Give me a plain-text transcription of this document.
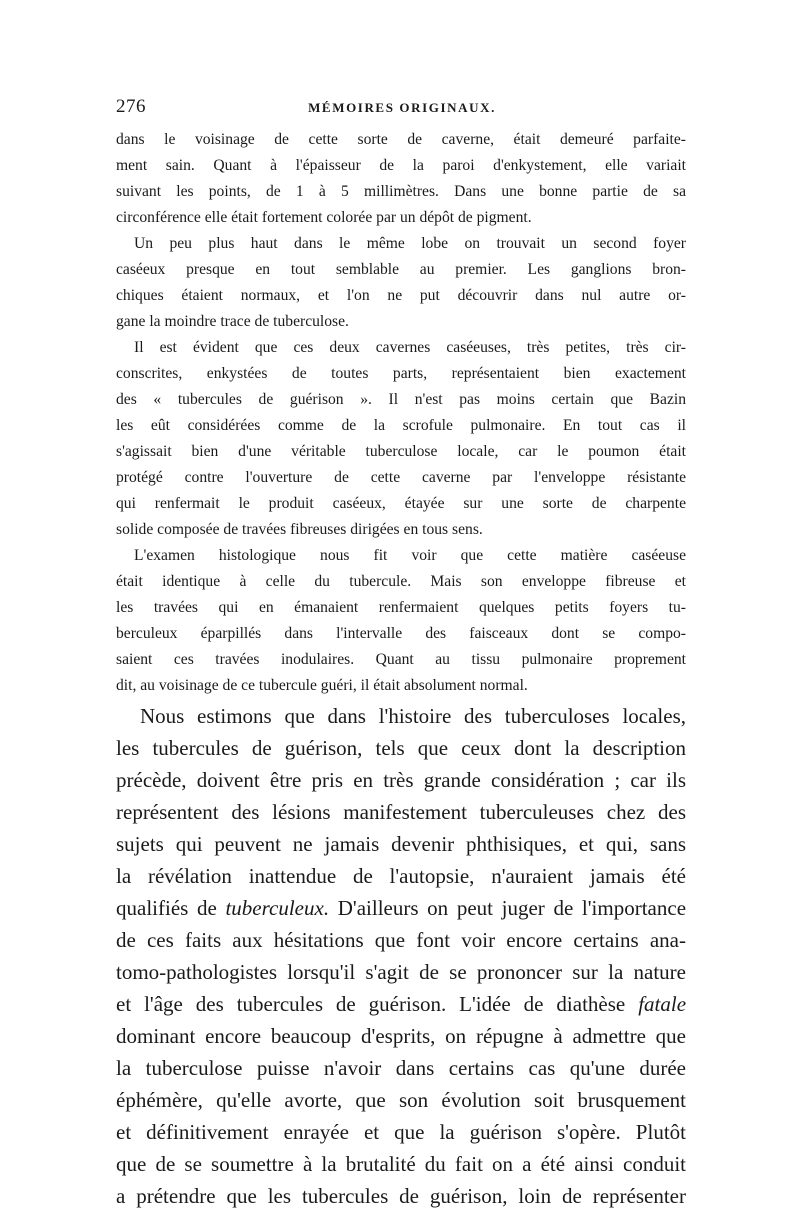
276	MÉMOIRES ORIGINAUX.

dans le voisinage de cette sorte de caverne, était demeuré parfaite-
ment sain. Quant à l'épaisseur de la paroi d'enkystement, elle variait
suivant les points, de 1 à 5 millimètres. Dans une bonne partie de sa
circonférence elle était fortement colorée par un dépôt de pigment.

Un peu plus haut dans le même lobe on trouvait un second foyer
caséeux presque en tout semblable au premier. Les ganglions bron-
chiques étaient normaux, et l'on ne put découvrir dans nul autre or-
gane la moindre trace de tuberculose.

Il est évident que ces deux cavernes caséeuses, très petites, très cir-
conscrites, enkystées de toutes parts, représentaient bien exactement
des « tubercules de guérison ». Il n'est pas moins certain que Bazin
les eût considérées comme de la scrofule pulmonaire. En tout cas il
s'agissait bien d'une véritable tuberculose locale, car le poumon était
protégé contre l'ouverture de cette caverne par l'enveloppe résistante
qui renfermait le produit caséeux, étayée sur une sorte de charpente
solide composée de travées fibreuses dirigées en tous sens.

L'examen histologique nous fit voir que cette matière caséeuse
était identique à celle du tubercule. Mais son enveloppe fibreuse et
les travées qui en émanaient renfermaient quelques petits foyers tu-
berculeux éparpillés dans l'intervalle des faisceaux dont se compo-
saient ces travées inodulaires. Quant au tissu pulmonaire proprement
dit, au voisinage de ce tubercule guéri, il était absolument normal.

Nous estimons que dans l'histoire des tuberculoses locales,
les tubercules de guérison, tels que ceux dont la description
précède, doivent être pris en très grande considération ; car ils
représentent des lésions manifestement tuberculeuses chez des
sujets qui peuvent ne jamais devenir phthisiques, et qui, sans
la révélation inattendue de l'autopsie, n'auraient jamais été
qualifiés de tuberculeux. D'ailleurs on peut juger de l'importance
de ces faits aux hésitations que font voir encore certains ana-
tomo-pathologistes lorsqu'il s'agit de se prononcer sur la nature
et l'âge des tubercules de guérison. L'idée de diathèse fatale
dominant encore beaucoup d'esprits, on répugne à admettre que
la tuberculose puisse n'avoir dans certains cas qu'une durée
éphémère, qu'elle avorte, que son évolution soit brusquement
et définitivement enrayée et que la guérison s'opère. Plutôt
que de se soumettre à la brutalité du fait on a été ainsi conduit
a prétendre que les tubercules de guérison, loin de représenter
